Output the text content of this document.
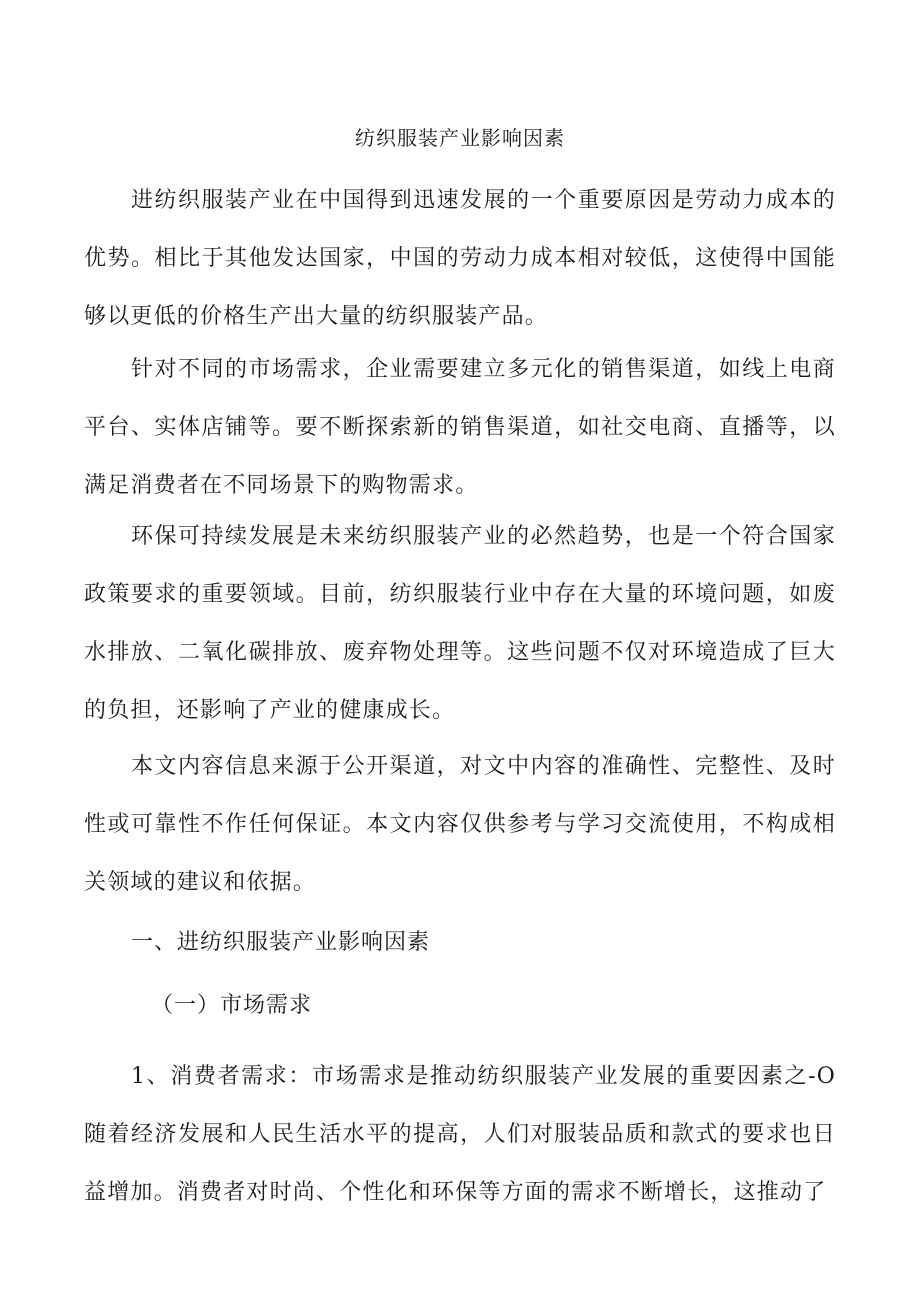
纺织服装产业影响因素

进纺织服装产业在中国得到迅速发展的一个重要原因是劳动力成本的优势。相比于其他发达国家，中国的劳动力成本相对较低，这使得中国能够以更低的价格生产出大量的纺织服装产品。

针对不同的市场需求，企业需要建立多元化的销售渠道，如线上电商平台、实体店铺等。要不断探索新的销售渠道，如社交电商、直播等，以满足消费者在不同场景下的购物需求。

环保可持续发展是未来纺织服装产业的必然趋势，也是一个符合国家政策要求的重要领域。目前，纺织服装行业中存在大量的环境问题，如废水排放、二氧化碳排放、废弃物处理等。这些问题不仅对环境造成了巨大的负担，还影响了产业的健康成长。

本文内容信息来源于公开渠道，对文中内容的准确性、完整性、及时性或可靠性不作任何保证。本文内容仅供参考与学习交流使用，不构成相关领域的建议和依据。

一、进纺织服装产业影响因素
（一）市场需求

1、消费者需求：市场需求是推动纺织服装产业发展的重要因素之-O随着经济发展和人民生活水平的提高，人们对服装品质和款式的要求也日益增加。消费者对时尚、个性化和环保等方面的需求不断增长，这推动了
